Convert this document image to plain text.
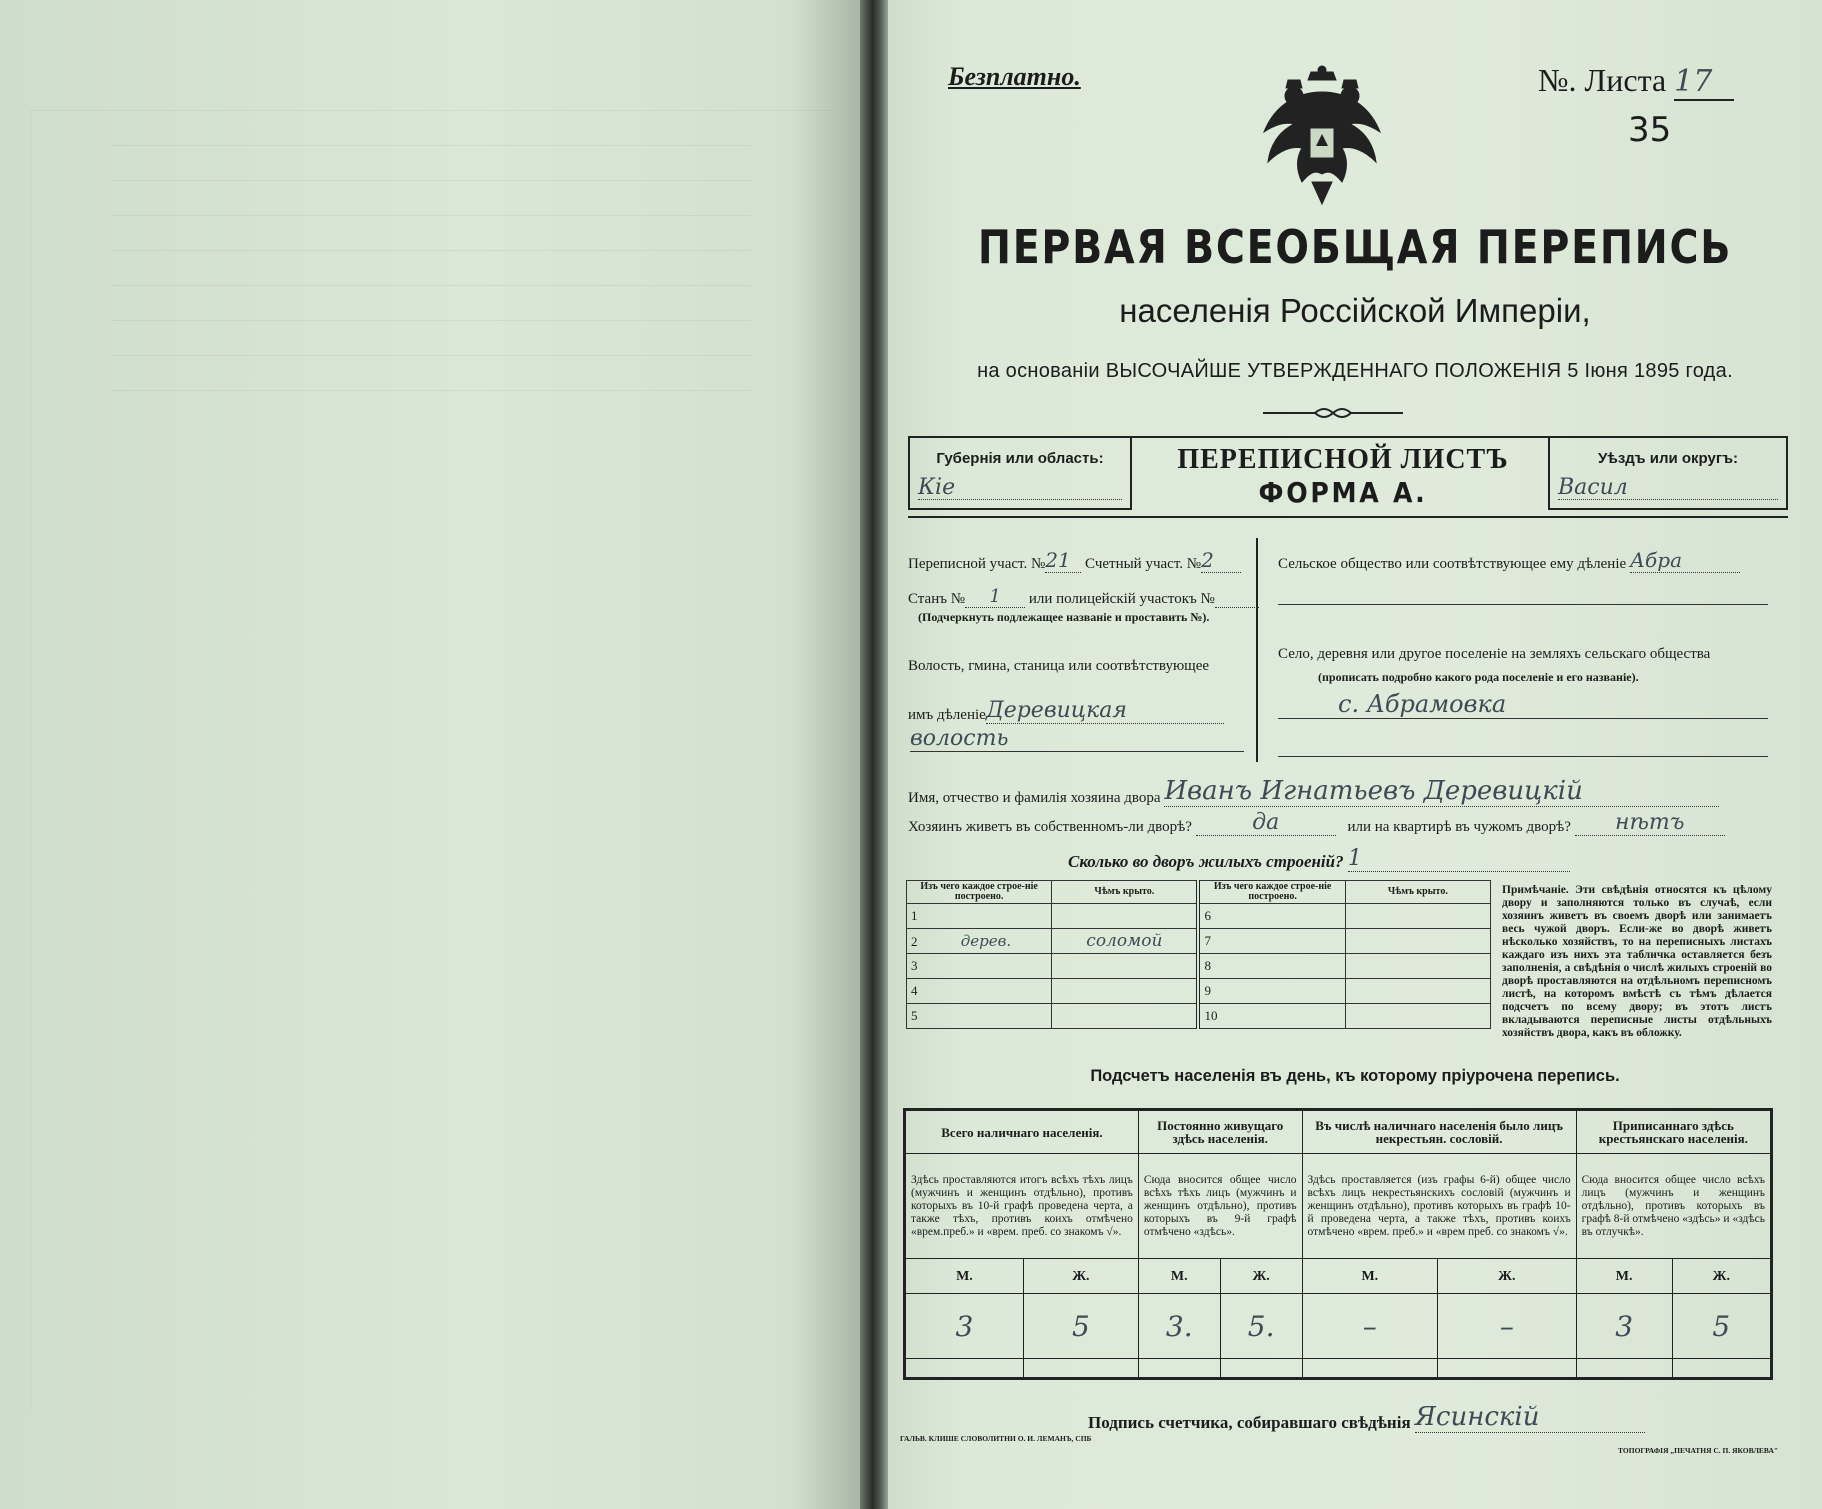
Безплатно.	№. Листа 17
35
ПЕРВАЯ ВСЕОБЩАЯ ПЕРЕПИСЬ
населенія Россійской Имперіи,
на основаніи ВЫСОЧАЙШЕ УТВЕРЖДЕННАГО ПОЛОЖЕНІЯ 5 Іюня 1895 года.
Губернія или область:
Кіе
ПЕРЕПИСНОЙ ЛИСТЪ
ФОРМА А.
Уѣздъ или округъ:
Васил
Переписной участ. №21 Счетный участ. №2
Станъ № 1 или полицейскій участокъ №
(Подчеркнуть подлежащее названіе и проставить №).
Волость, гмина, станица или соотвѣтствующее
имъ дѣленіеДеревицкая
волость
Сельское общество или соотвѣтствующее ему дѣленіе Абра
Село, деревня или другое поселеніе на земляхъ сельскаго общества
(прописать подробно какого рода поселеніе и его названіе).
с. Абрамовка
Имя, отчество и фамилія хозяина двора Иванъ Игнатьевъ Деревицкій
Хозяинъ живетъ въ собственномъ-ли дворѣ?	да	или на квартирѣ въ чужомъ дворѣ? нѣтъ
Сколько во дворъ жилыхъ строеній? 1
Изъ чего каждое строе-ніе построено.	Чѣмъ крыто.	Изъ чего каждое строе-ніе построено.	Чѣмъ крыто.
1		6	
2 дерев.	соломой	7	
3		8	
4		9	
5		10	
Примѣчаніе. Эти свѣдѣнія относятся къ цѣлому двору и заполняются только въ случаѣ, если хозяинъ живетъ въ своемъ дворѣ или занимаетъ весь чужой дворъ. Если-же во дворѣ живетъ нѣсколько хозяйствъ, то на переписныхъ листахъ каждаго изъ нихъ эта табличка оставляется безъ заполненія, а свѣдѣнія о числѣ жилыхъ строеній во дворѣ проставляются на отдѣльномъ переписномъ листѣ, на которомъ вмѣстѣ съ тѣмъ дѣлается подсчетъ по всему двору; въ этотъ листъ вкладываются переписные листы отдѣльныхъ хозяйствъ двора, какъ въ обложку.
Подсчетъ населенія въ день, къ которому пріурочена перепись.
Всего наличнаго населенія.		Постоянно живущаго здѣсь населенія.		Въ числѣ наличнаго населенія было лицъ некрестьян. сословій.		Приписаннаго здѣсь крестьянскаго населенія.	
Здѣсь проставляются итогъ всѣхъ тѣхъ лицъ (мужчинъ и женщинъ отдѣльно), противъ которыхъ въ 10-й графѣ проведена черта, а также тѣхъ, противъ коихъ отмѣчено «врем.преб.» и «врем. преб. со знакомъ √».		Сюда вносится общее число всѣхъ тѣхъ лицъ (мужчинъ и женщинъ отдѣльно), противъ которыхъ въ 9-й графѣ отмѣчено «здѣсь».		Здѣсь проставляется (изъ графы 6-й) общее число всѣхъ лицъ некрестьянскихъ сословій (мужчинъ и женщинъ отдѣльно), противъ которыхъ въ графѣ 10-й проведена черта, а также тѣхъ, противъ коихъ отмѣчено «врем. преб.» и «врем преб. со знакомъ √».		Сюда вносится общее число всѣхъ лицъ (мужчинъ и женщинъ отдѣльно), противъ которыхъ въ графѣ 8-й отмѣчено «здѣсь» и «здѣсь въ отлучкѣ».	
М.	Ж.	М.	Ж.	М.	Ж.	М.	Ж.
3	5	3.	5.	–	–	3	5

Подпись счетчика, собиравшаго свѣдѣнія Ясинскій
ГАЛЬВ. КЛИШЕ СЛОВОЛИТНИ О. И. ЛЕМАНЪ, СПБ
ТОПОГРАФІЯ „ПЕЧАТНЯ С. П. ЯКОВЛЕВА"
